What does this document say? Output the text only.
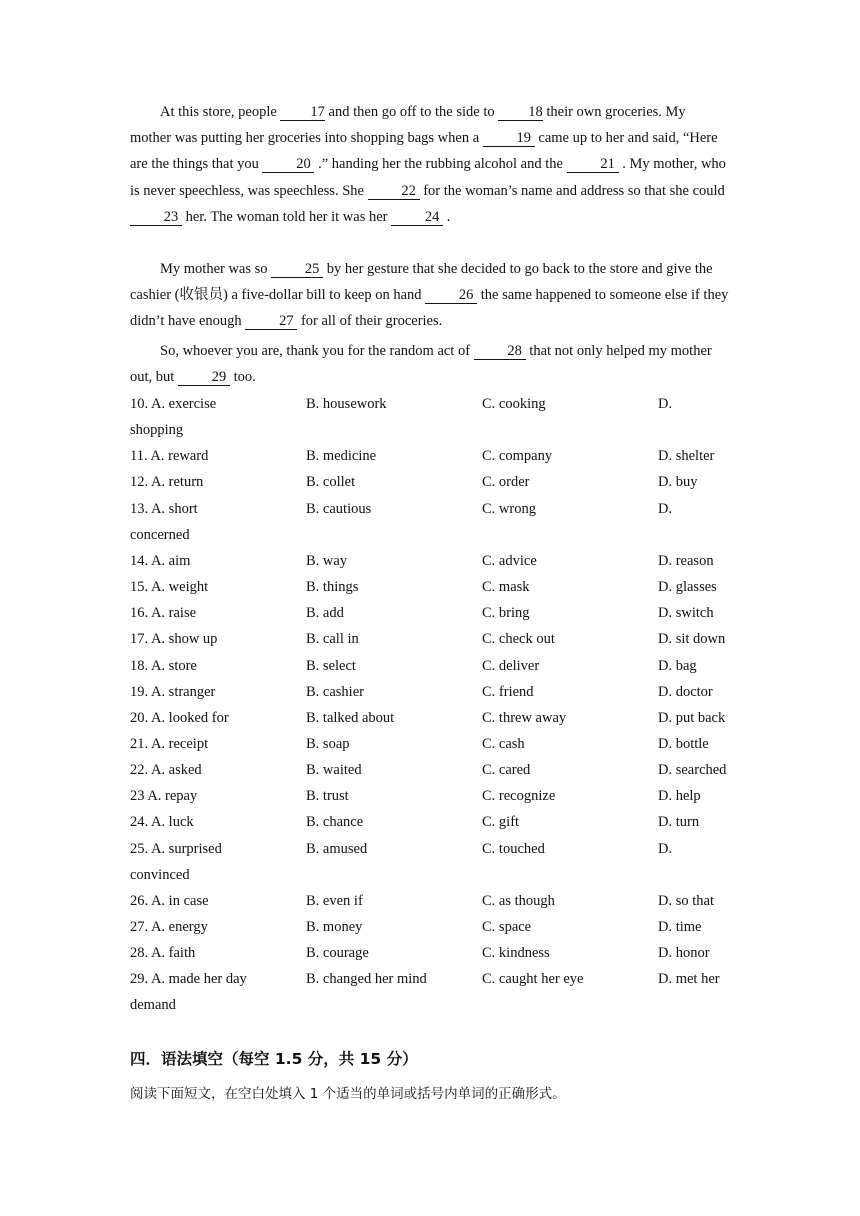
At this store, people 17 and then go off to the side to 18 their own groceries. My mother was putting her groceries into shopping bags when a 19 came up to her and said, “Here are the things that you 20 .” handing her the rubbing alcohol and the 21 . My mother, who is never speechless, was speechless. She 22 for the woman’s name and address so that she could 23 her. The woman told her it was her 24 .

My mother was so 25 by her gesture that she decided to go back to the store and give the cashier (收银员) a five-dollar bill to keep on hand 26 the same happened to someone else if they didn’t have enough 27 for all of their groceries.

So, whoever you are, thank you for the random act of 28 that not only helped my mother out, but 29 too.

10. A. exercise	B. housework	C. cooking	D.
shopping
11. A. reward	B. medicine	C. company	D. shelter
12. A. return	B. collet	C. order	D. buy
13. A. short	B. cautious	C. wrong	D.
concerned
14. A. aim	B. way	C. advice	D. reason
15. A. weight	B. things	C. mask	D. glasses
16. A. raise	B. add	C. bring	D. switch
17. A. show up	B. call in	C. check out	D. sit down
18. A. store	B. select	C. deliver	D. bag
19. A. stranger	B. cashier	C. friend	D. doctor
20. A. looked for	B. talked about	C. threw away	D. put back
21. A. receipt	B. soap	C. cash	D. bottle
22. A. asked	B. waited	C. cared	D. searched
23 A. repay	B. trust	C. recognize	D. help
24. A. luck	B. chance	C. gift	D. turn
25. A. surprised	B. amused	C. touched	D.
convinced
26. A. in case	B. even if	C. as though	D. so that
27. A. energy	B. money	C. space	D. time
28. A. faith	B. courage	C. kindness	D. honor
29. A. made her day	B. changed her mind	C. caught her eye	D. met her
demand
四．语法填空（每空 1.5 分，共 15 分）
阅读下面短文，在空白处填入 1 个适当的单词或括号内单词的正确形式。
